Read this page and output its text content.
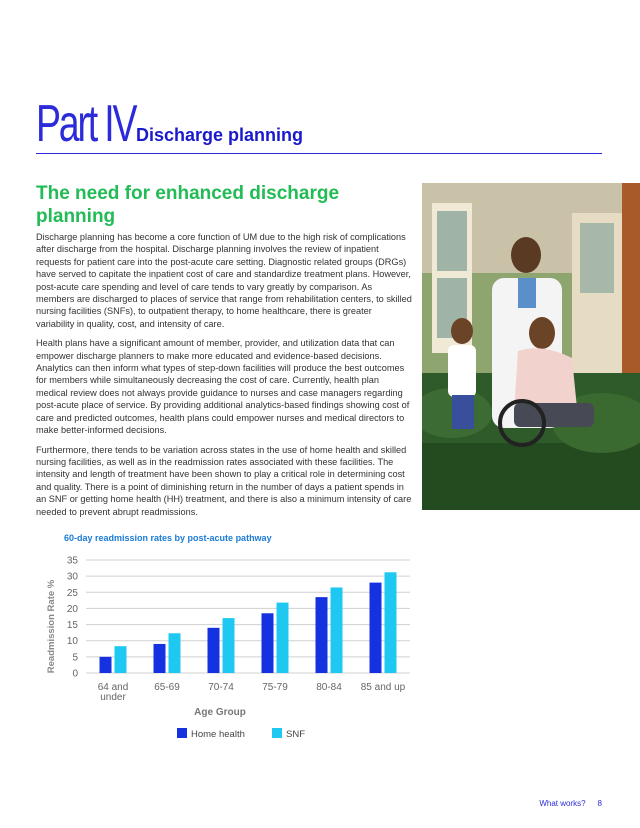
Part IV Discharge planning
The need for enhanced discharge planning

Discharge planning has become a core function of UM due to the high risk of complications after discharge from the hospital. Discharge planning involves the review of inpatient requests for patient care into the post-acute care setting. Diagnostic related groups (DRGs) have served to capitate the inpatient cost of care and standardize treatment plans. However, post-acute care spending and level of care tends to vary greatly by comparison. As members are discharged to places of service that range from rehabilitation centers, to skilled nursing facilities (SNFs), to outpatient therapy, to home healthcare, there is greater variability in quality, cost, and intensity of care.

Health plans have a significant amount of member, provider, and utilization data that can empower discharge planners to make more educated and evidence-based decisions. Analytics can then inform what types of step-down facilities will produce the best outcomes for members while simultaneously decreasing the cost of care. Currently, health plan medical review does not always provide guidance to nurses and case managers regarding post-acute place of service. By providing additional analytics-based findings showing cost of care and predicted outcomes, health plans could empower nurses and medical directors to make better-informed decisions.

Furthermore, there tends to be variation across states in the use of home health and skilled nursing facilities, as well as in the readmission rates associated with these facilities. The intensity and length of treatment have been shown to play a critical role in determining cost and quality. There is a point of diminishing return in the number of days a patient spends in an SNF or getting home health (HH) treatment, and there is also a minimum intensity of care needed to prevent abrupt readmissions.

60-day readmission rates by post-acute pathway
0
5
10
15
20
25
30
35
Readmission Rate %
64 and
under
65-69	70-74	75-79	80-84 85 and up
Age Group
Home health	SNF
What works? 8
